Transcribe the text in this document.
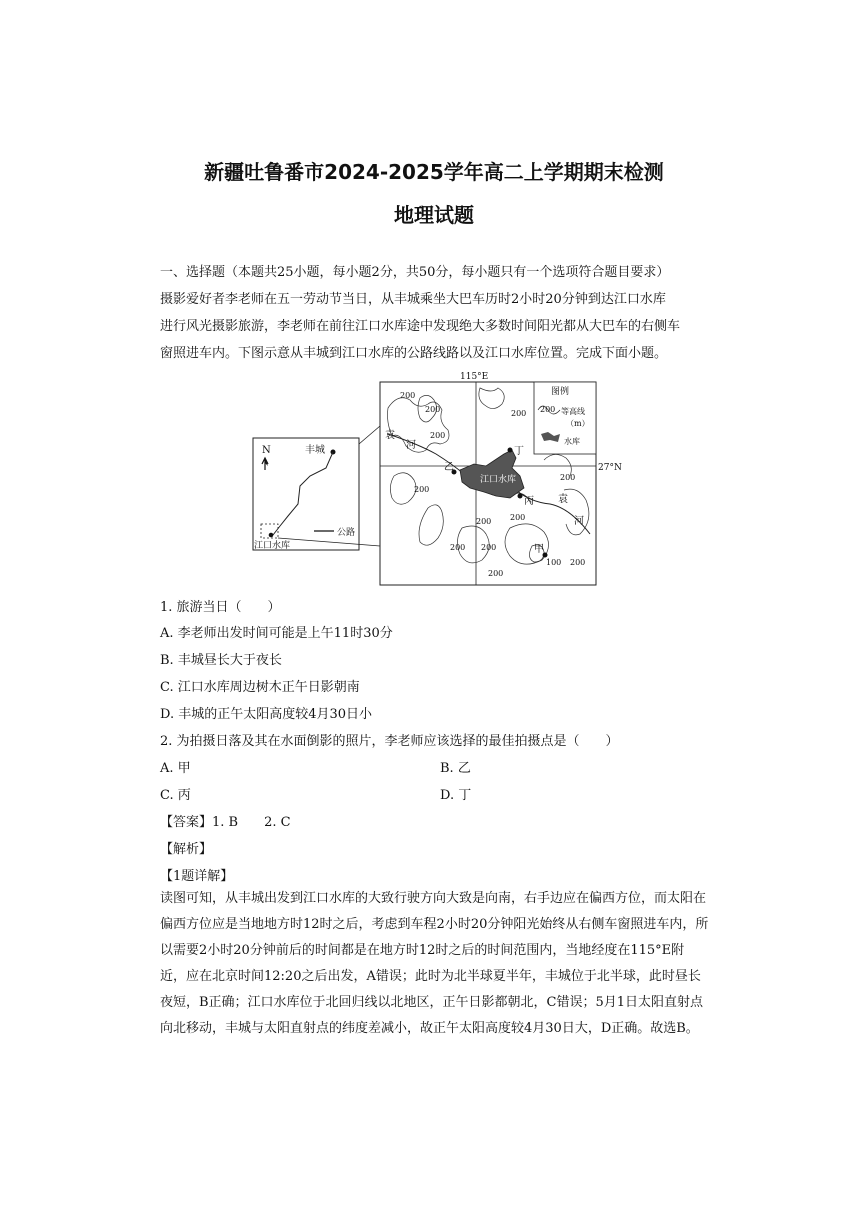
新疆吐鲁番市2024-2025学年高二上学期期末检测
地理试题
一、选择题（本题共25小题，每小题2分，共50分，每小题只有一个选项符合题目要求）
摄影爱好者李老师在五一劳动节当日，从丰城乘坐大巴车历时2小时20分钟到达江口水库
进行风光摄影旅游，李老师在前往江口水库途中发现绝大多数时间阳光都从大巴车的右侧车
窗照进车内。下图示意从丰城到江口水库的公路线路以及江口水库位置。完成下面小题。
N	丰城
江口水库
公路
115°E
27°N
图例
200 等高线
（m）
水库
江口水库
袁
河
袁
河
乙
丁
丙
甲
200
200	200
200
200
200 200
200
200 200
200
100 200
1. 旅游当日（　　）
A. 李老师出发时间可能是上午11时30分
B. 丰城昼长大于夜长
C. 江口水库周边树木正午日影朝南
D. 丰城的正午太阳高度较4月30日小
2. 为拍摄日落及其在水面倒影的照片，李老师应该选择的最佳拍摄点是（　　）
A. 甲	B. 乙
C. 丙	D. 丁
【答案】1. B　　2. C
【解析】
【1题详解】
读图可知，从丰城出发到江口水库的大致行驶方向大致是向南，右手边应在偏西方位，而太阳在偏西方位应是当地地方时12时之后，考虑到车程2小时20分钟阳光始终从右侧车窗照进车内，所以需要2小时20分钟前后的时间都是在地方时12时之后的时间范围内，当地经度在115°E附近，应在北京时间12:20之后出发，A错误；此时为北半球夏半年，丰城位于北半球，此时昼长夜短，B正确；江口水库位于北回归线以北地区，正午日影都朝北，C错误；5月1日太阳直射点向北移动，丰城与太阳直射点的纬度差减小，故正午太阳高度较4月30日大，D正确。故选B。
